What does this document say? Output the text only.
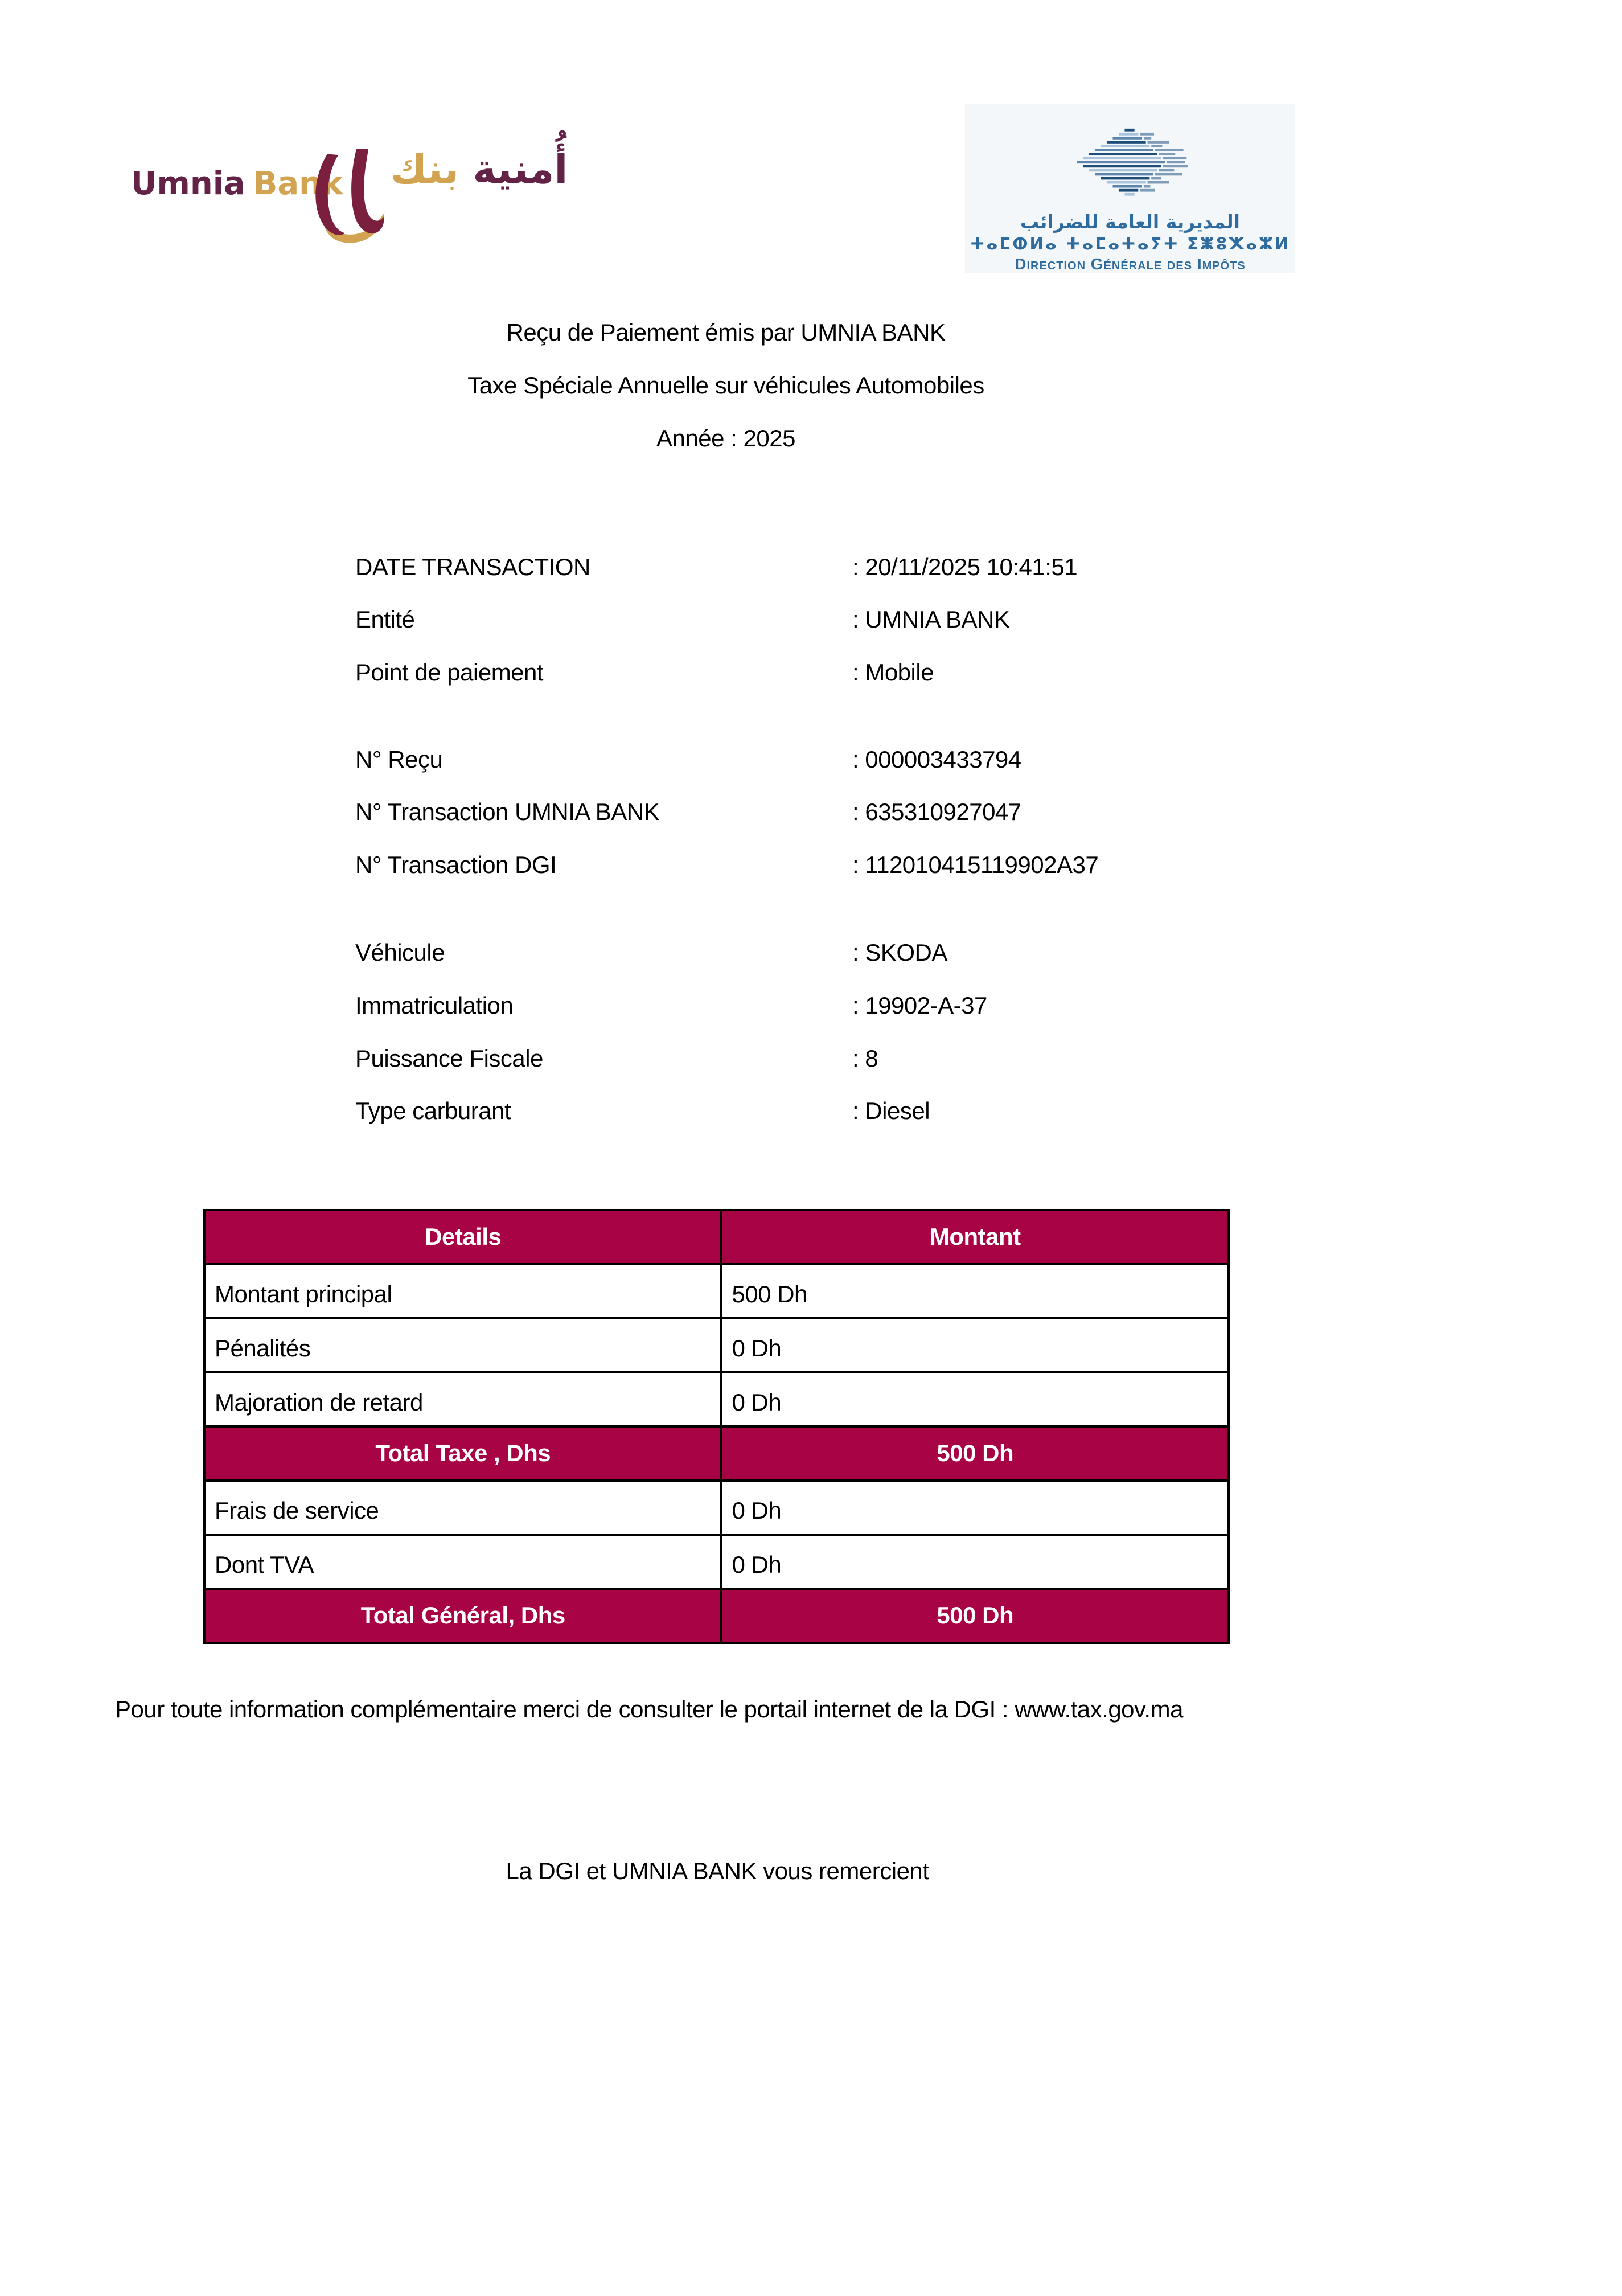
Umnia Bank	أُمنية بنك
المديرية العامة للضرائب
ⵜⴰⵎⵀⵍⴰ ⵜⴰⵎⴰⵜⴰⵢⵜ ⵉⵥⵓⵅⴰⵣⵍ
Direction Générale des Impôts
Reçu de Paiement émis par UMNIA BANK
Taxe Spéciale Annuelle sur véhicules Automobiles
Année : 2025
DATE TRANSACTION	: 20/11/2025 10:41:51
Entité	: UMNIA BANK
Point de paiement	: Mobile
N° Reçu	: 000003433794
N° Transaction UMNIA BANK	: 635310927047
N° Transaction DGI	: 112010415119902A37
Véhicule	: SKODA
Immatriculation	: 19902-A-37
Puissance Fiscale	: 8
Type carburant	: Diesel
Details	Montant
Montant principal	500 Dh
Pénalités	0 Dh
Majoration de retard	0 Dh
Total Taxe , Dhs	500 Dh
Frais de service	0 Dh
Dont TVA	0 Dh
Total Général, Dhs	500 Dh
Pour toute information complémentaire merci de consulter le portail internet de la DGI : www.tax.gov.ma
La DGI et UMNIA BANK vous remercient
